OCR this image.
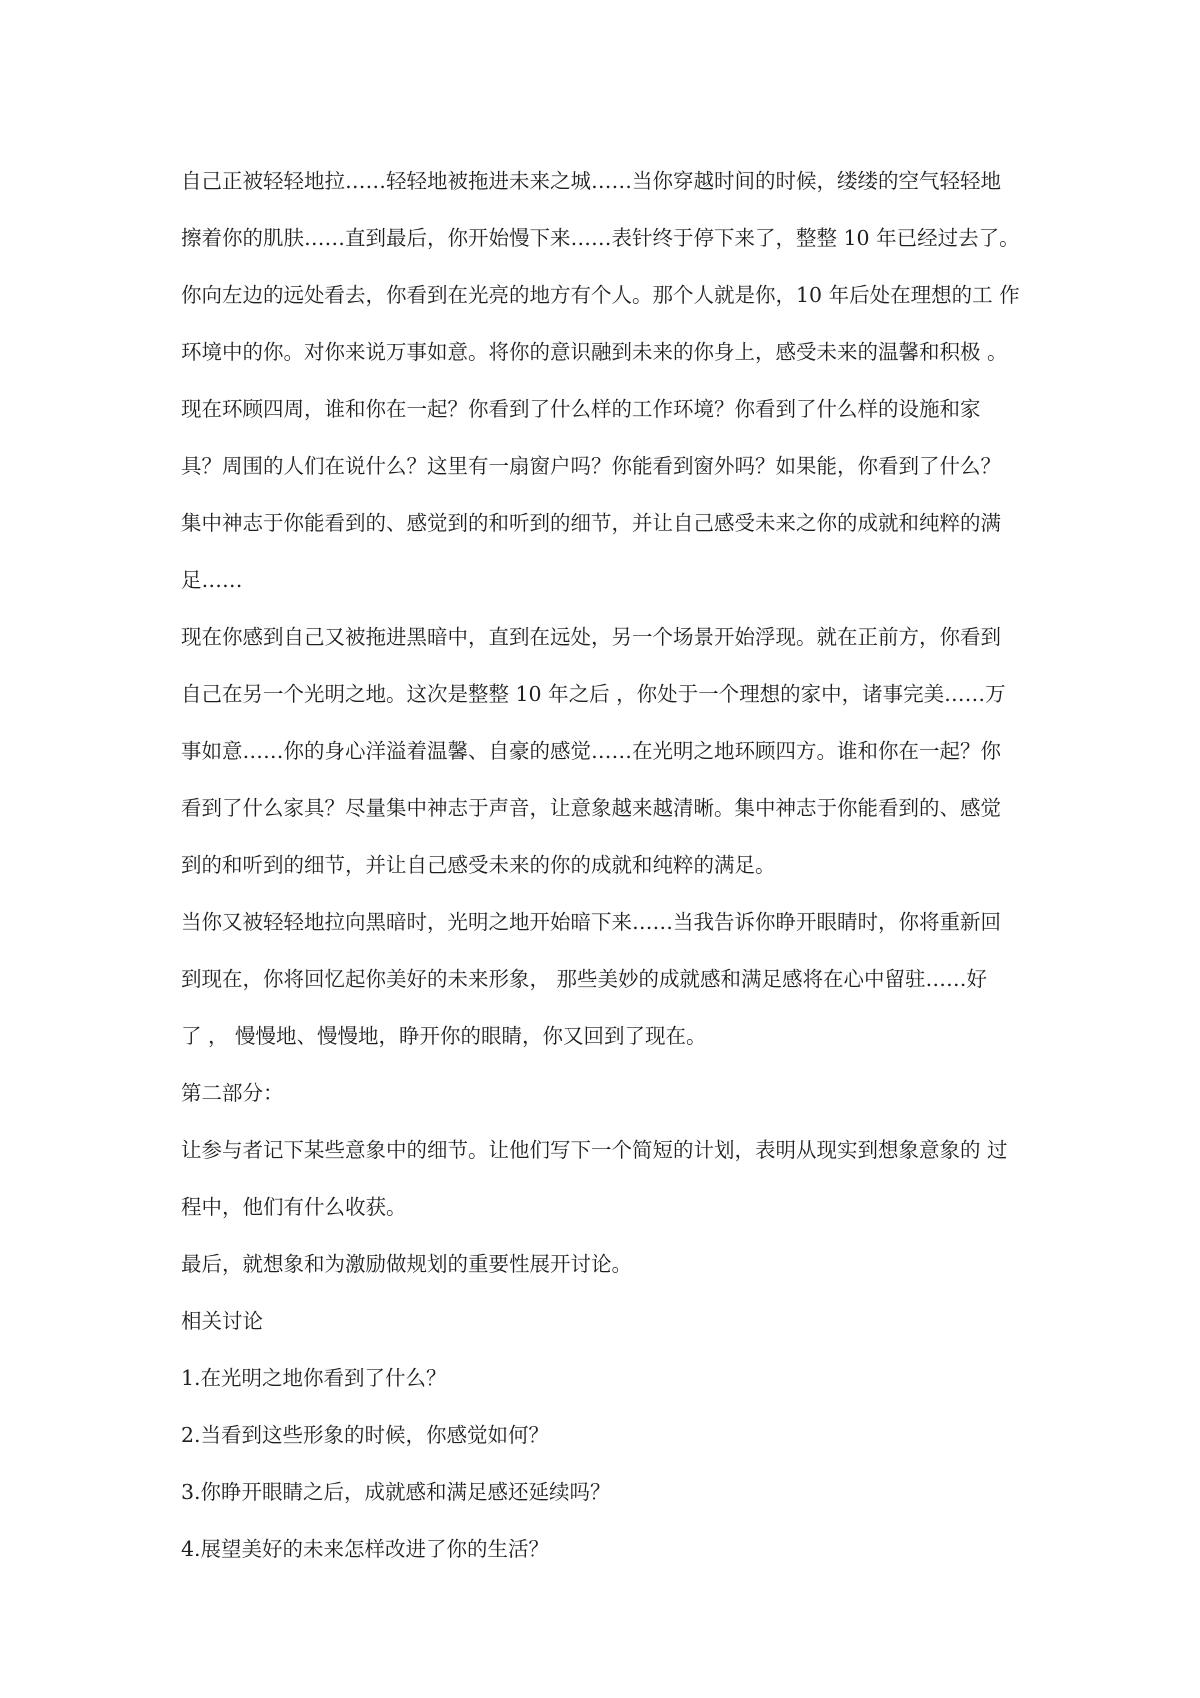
自己正被轻轻地拉……轻轻地被拖进未来之城……当你穿越时间的时候，缕缕的空气轻轻地
擦着你的肌肤……直到最后，你开始慢下来……表针终于停下来了，整整 10 年已经过去了。
你向左边的远处看去，你看到在光亮的地方有个人。那个人就是你，10 年后处在理想的工 作
环境中的你。对你来说万事如意。将你的意识融到未来的你身上，感受未来的温馨和积极 。
现在环顾四周，谁和你在一起？你看到了什么样的工作环境？你看到了什么样的设施和家
具？周围的人们在说什么？这里有一扇窗户吗？你能看到窗外吗？如果能，你看到了什么？
集中神志于你能看到的、感觉到的和听到的细节，并让自己感受未来之你的成就和纯粹的满
足……
现在你感到自己又被拖进黑暗中，直到在远处，另一个场景开始浮现。就在正前方，你看到
自己在另一个光明之地。这次是整整 10 年之后 ，你处于一个理想的家中，诸事完美……万
事如意……你的身心洋溢着温馨、自豪的感觉……在光明之地环顾四方。谁和你在一起？你
看到了什么家具？尽量集中神志于声音，让意象越来越清晰。集中神志于你能看到的、感觉
到的和听到的细节，并让自己感受未来的你的成就和纯粹的满足。
当你又被轻轻地拉向黑暗时，光明之地开始暗下来……当我告诉你睁开眼睛时，你将重新回
到现在，你将回忆起你美好的未来形象， 那些美妙的成就感和满足感将在心中留驻……好
了 ， 慢慢地、慢慢地，睁开你的眼睛，你又回到了现在。
第二部分：
让参与者记下某些意象中的细节。让他们写下一个简短的计划，表明从现实到想象意象的 过
程中，他们有什么收获。
最后，就想象和为激励做规划的重要性展开讨论。
相关讨论
1.在光明之地你看到了什么？
2.当看到这些形象的时候，你感觉如何？
3.你睁开眼睛之后，成就感和满足感还延续吗？
4.展望美好的未来怎样改进了你的生活？
